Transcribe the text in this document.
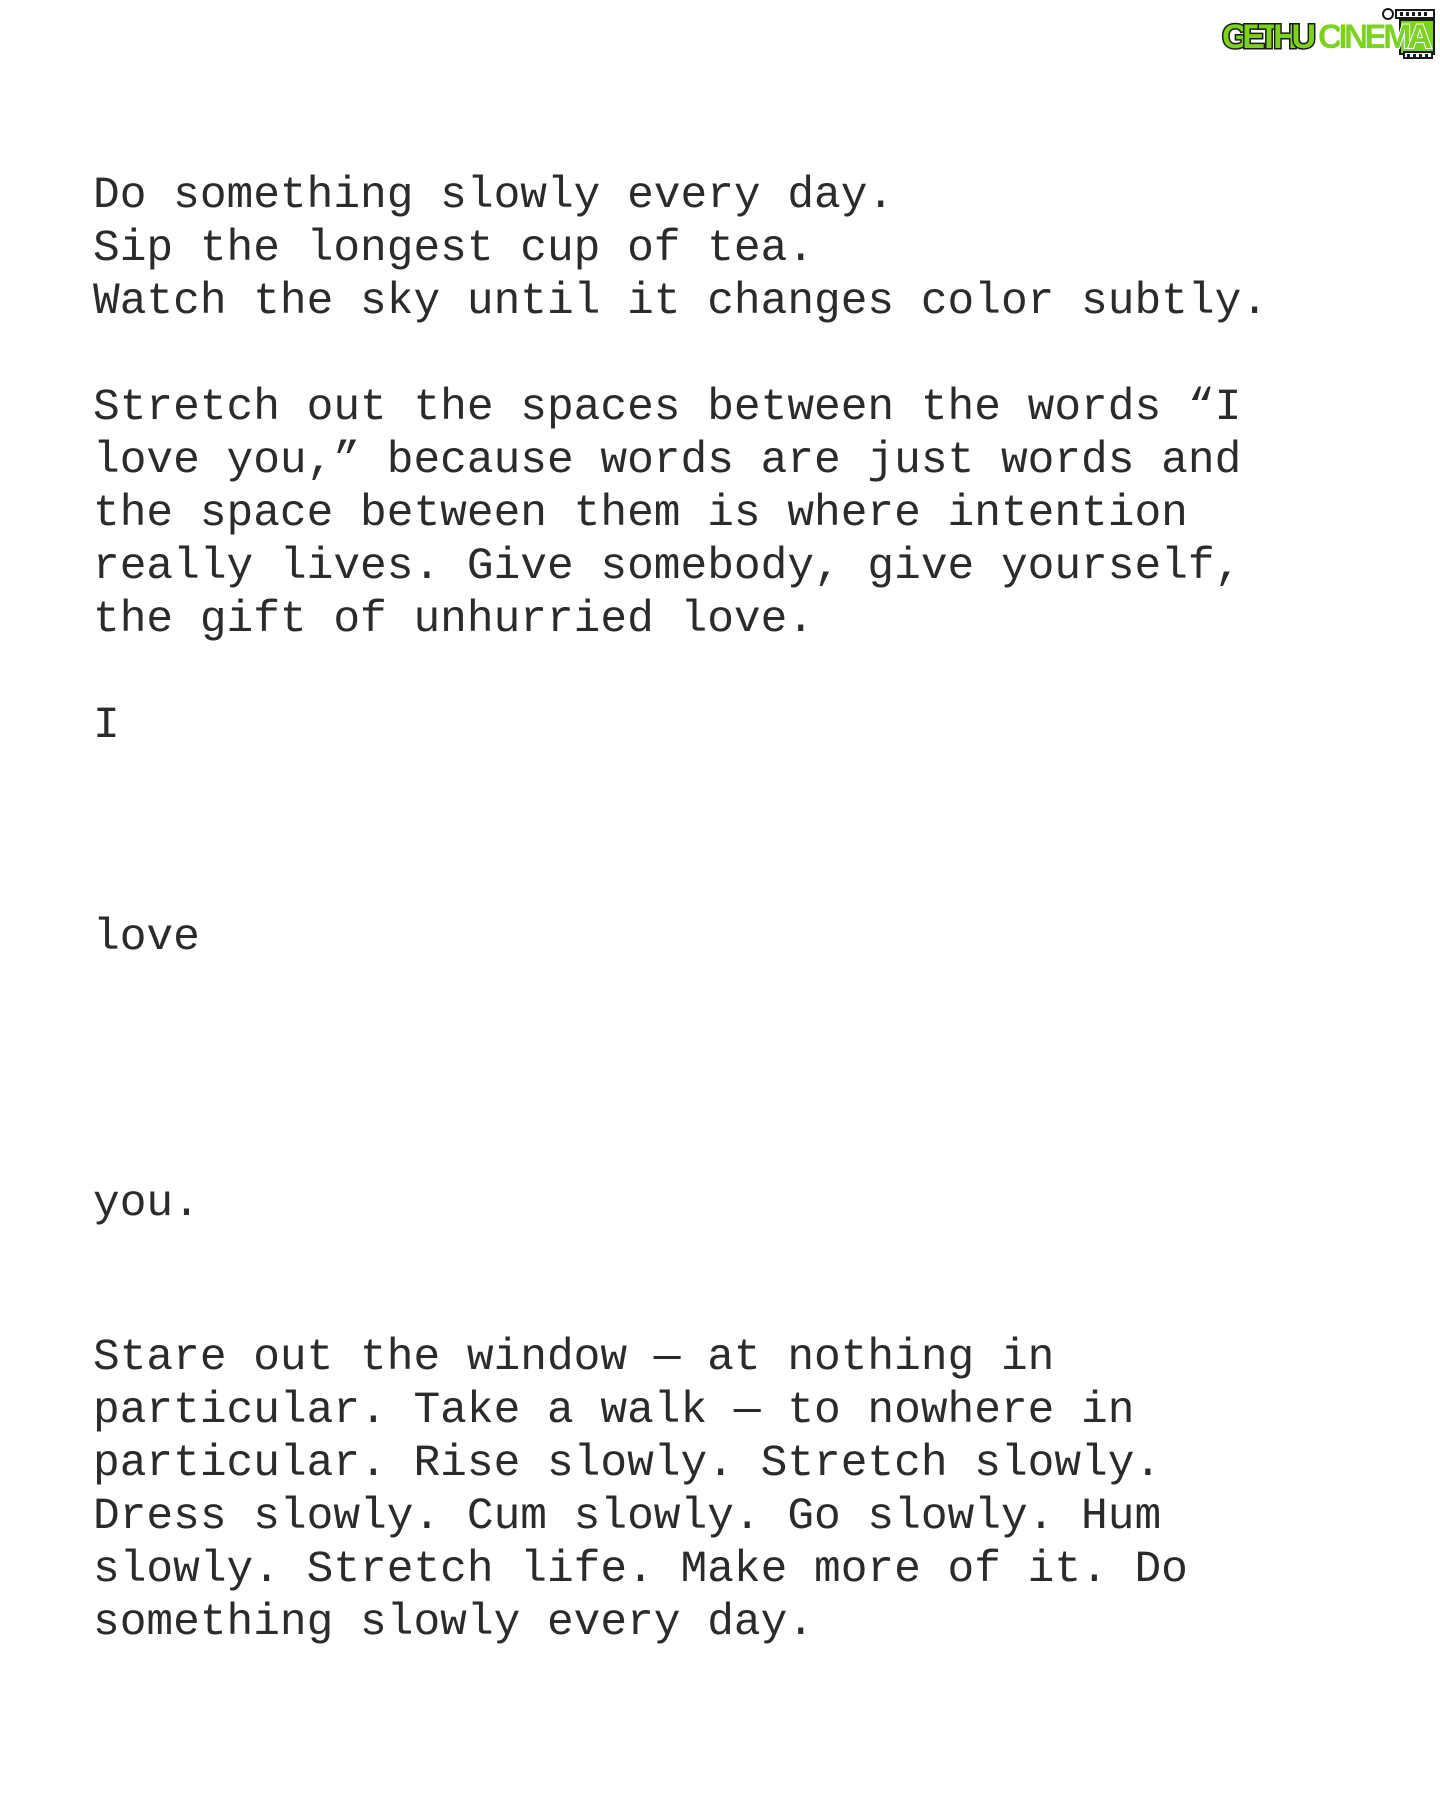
GETHU CINEMA
Do something slowly every day.
Sip the longest cup of tea.
Watch the sky until it changes color subtly.
Stretch out the spaces between the words “I
love you,” because words are just words and
the space between them is where intention
really lives. Give somebody, give yourself,
the gift of unhurried love.
I
love
you.
Stare out the window — at nothing in
particular. Take a walk — to nowhere in
particular. Rise slowly. Stretch slowly.
Dress slowly. Cum slowly. Go slowly. Hum
slowly. Stretch life. Make more of it. Do
something slowly every day.
